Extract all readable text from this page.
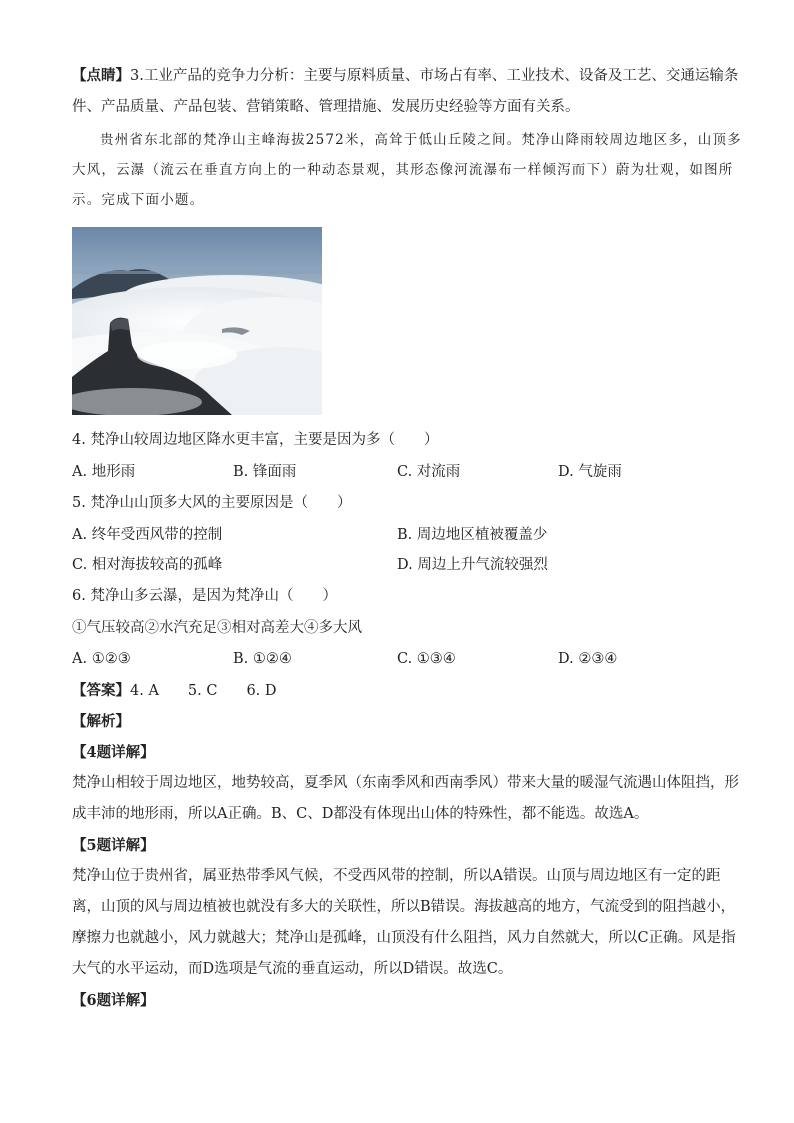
【点睛】3.工业产品的竞争力分析：主要与原料质量、市场占有率、工业技术、设备及工艺、交通运输条
件、产品质量、产品包装、营销策略、管理措施、发展历史经验等方面有关系。
贵州省东北部的梵净山主峰海拔2572米，高耸于低山丘陵之间。梵净山降雨较周边地区多，山顶多
大风，云瀑（流云在垂直方向上的一种动态景观，其形态像河流瀑布一样倾泻而下）蔚为壮观，如图所
示。完成下面小题。
4. 梵净山较周边地区降水更丰富，主要是因为多（　　）
A. 地形雨	B. 锋面雨	C. 对流雨	D. 气旋雨
5. 梵净山山顶多大风的主要原因是（　　）
A. 终年受西风带的控制	B. 周边地区植被覆盖少
C. 相对海拔较高的孤峰	D. 周边上升气流较强烈
6. 梵净山多云瀑，是因为梵净山（　　）
①气压较高②水汽充足③相对高差大④多大风
A. ①②③	B. ①②④	C. ①③④	D. ②③④
【答案】4. A　　5. C　　6. D
【解析】
【4题详解】
梵净山相较于周边地区，地势较高，夏季风（东南季风和西南季风）带来大量的暖湿气流遇山体阻挡，形
成丰沛的地形雨，所以A正确。B、C、D都没有体现出山体的特殊性，都不能选。故选A。
【5题详解】
梵净山位于贵州省，属亚热带季风气候，不受西风带的控制，所以A错误。山顶与周边地区有一定的距
离，山顶的风与周边植被也就没有多大的关联性，所以B错误。海拔越高的地方，气流受到的阻挡越小，
摩擦力也就越小，风力就越大；梵净山是孤峰，山顶没有什么阻挡，风力自然就大，所以C正确。风是指
大气的水平运动，而D选项是气流的垂直运动，所以D错误。故选C。
【6题详解】
